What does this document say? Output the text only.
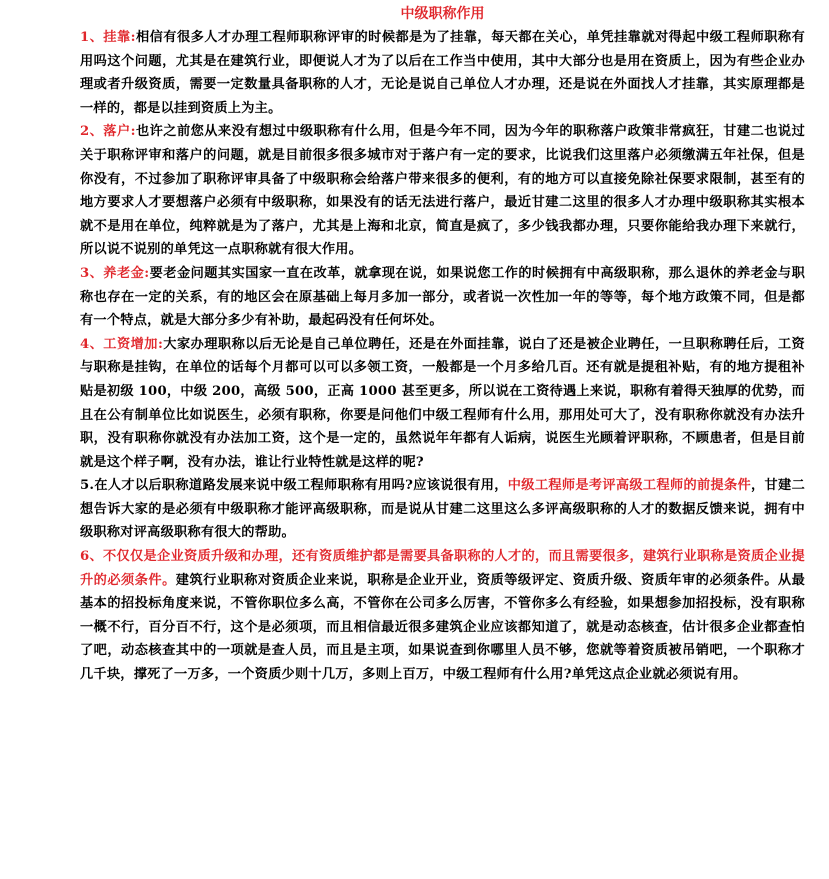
中级职称作用

1、挂靠:相信有很多人才办理工程师职称评审的时候都是为了挂靠，每天都在关心，单凭挂靠就对得起中级工程师职称有用吗这个问题，尤其是在建筑行业，即便说人才为了以后在工作当中使用，其中大部分也是用在资质上，因为有些企业办理或者升级资质，需要一定数量具备职称的人才，无论是说自己单位人才办理，还是说在外面找人才挂靠，其实原理都是一样的，都是以挂到资质上为主。

2、落户:也许之前您从来没有想过中级职称有什么用，但是今年不同，因为今年的职称落户政策非常疯狂，甘建二也说过关于职称评审和落户的问题，就是目前很多很多城市对于落户有一定的要求，比说我们这里落户必须缴满五年社保，但是你没有，不过参加了职称评审具备了中级职称会给落户带来很多的便利，有的地方可以直接免除社保要求限制，甚至有的地方要求人才要想落户必须有中级职称，如果没有的话无法进行落户，最近甘建二这里的很多人才办理中级职称其实根本就不是用在单位，纯粹就是为了落户，尤其是上海和北京，简直是疯了，多少钱我都办理，只要你能给我办理下来就行，所以说不说别的单凭这一点职称就有很大作用。

3、养老金:要老金问题其实国家一直在改革，就拿现在说，如果说您工作的时候拥有中高级职称，那么退休的养老金与职称也存在一定的关系，有的地区会在原基础上每月多加一部分，或者说一次性加一年的等等，每个地方政策不同，但是都有一个特点，就是大部分多少有补助，最起码没有任何坏处。

4、工资增加:大家办理职称以后无论是自己单位聘任，还是在外面挂靠，说白了还是被企业聘任，一旦职称聘任后，工资与职称是挂钩，在单位的话每个月都可以可以多领工资，一般都是一个月多给几百。还有就是提租补贴，有的地方提租补贴是初级 100，中级 200，高级 500，正高 1000 甚至更多，所以说在工资待遇上来说，职称有着得天独厚的优势，而且在公有制单位比如说医生，必须有职称，你要是问他们中级工程师有什么用，那用处可大了，没有职称你就没有办法升职，没有职称你就没有办法加工资，这个是一定的，虽然说年年都有人诟病，说医生光顾着评职称，不顾患者，但是目前就是这个样子啊，没有办法，谁让行业特性就是这样的呢?

5.在人才以后职称道路发展来说中级工程师职称有用吗?应该说很有用，中级工程师是考评高级工程师的前提条件，甘建二想告诉大家的是必须有中级职称才能评高级职称，而是说从甘建二这里这么多评高级职称的人才的数据反馈来说，拥有中级职称对评高级职称有很大的帮助。

6、不仅仅是企业资质升级和办理，还有资质维护都是需要具备职称的人才的，而且需要很多，建筑行业职称是资质企业提升的必须条件。建筑行业职称对资质企业来说，职称是企业开业，资质等级评定、资质升级、资质年审的必须条件。从最基本的招投标角度来说，不管你职位多么高，不管你在公司多么厉害，不管你多么有经验，如果想参加招投标，没有职称一概不行，百分百不行，这个是必须项，而且相信最近很多建筑企业应该都知道了，就是动态核查，估计很多企业都查怕了吧，动态核查其中的一项就是查人员，而且是主项，如果说查到你哪里人员不够，您就等着资质被吊销吧，一个职称才几千块，撑死了一万多，一个资质少则十几万，多则上百万，中级工程师有什么用?单凭这点企业就必须说有用。
